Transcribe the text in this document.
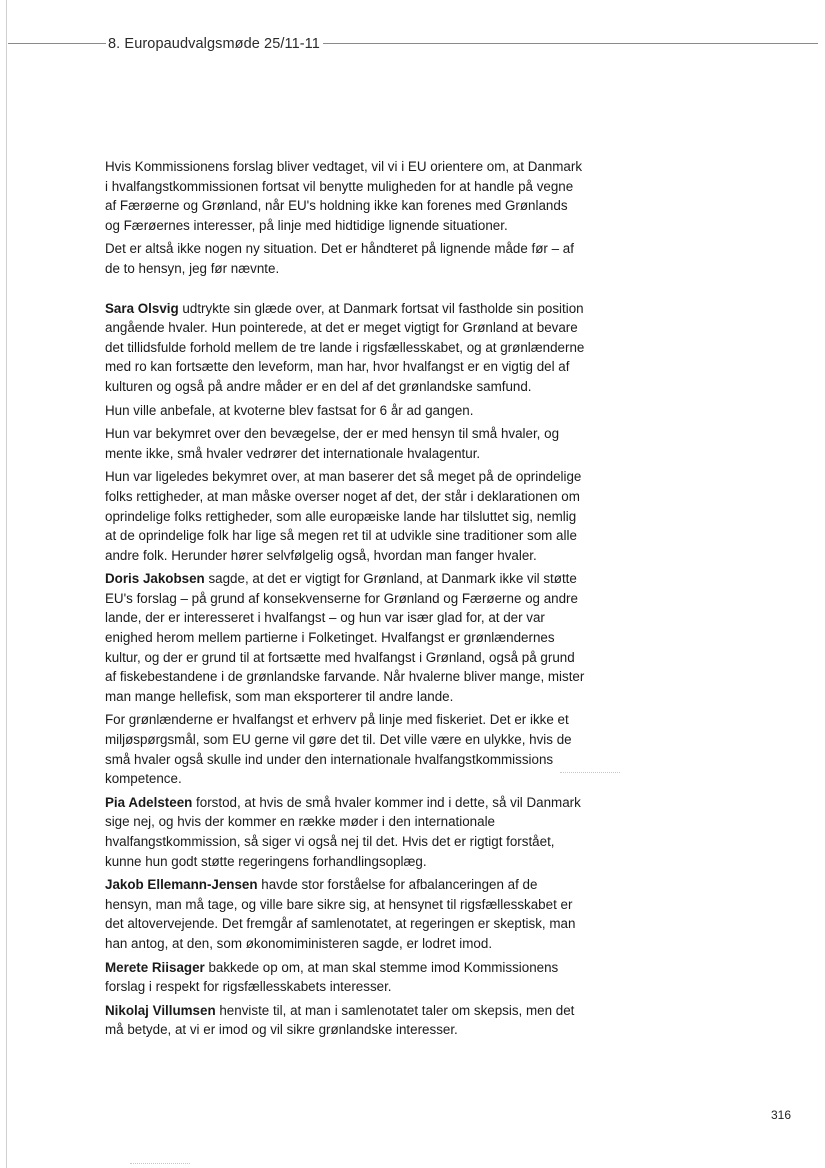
8. Europaudvalgsmøde 25/11-11

Hvis Kommissionens forslag bliver vedtaget, vil vi i EU orientere om, at Danmark i hvalfangstkommissionen fortsat vil benytte muligheden for at handle på vegne af Færøerne og Grønland, når EU's holdning ikke kan forenes med Grønlands og Færøernes interesser, på linje med hidtidige lignende situationer.

Det er altså ikke nogen ny situation. Det er håndteret på lignende måde før – af de to hensyn, jeg før nævnte.

Sara Olsvig udtrykte sin glæde over, at Danmark fortsat vil fastholde sin position angående hvaler. Hun pointerede, at det er meget vigtigt for Grønland at bevare det tillidsfulde forhold mellem de tre lande i rigsfællesskabet, og at grønlænderne med ro kan fortsætte den leveform, man har, hvor hvalfangst er en vigtig del af kulturen og også på andre måder er en del af det grønlandske samfund.

Hun ville anbefale, at kvoterne blev fastsat for 6 år ad gangen.

Hun var bekymret over den bevægelse, der er med hensyn til små hvaler, og mente ikke, små hvaler vedrører det internationale hvalagentur.

Hun var ligeledes bekymret over, at man baserer det så meget på de oprindelige folks rettigheder, at man måske overser noget af det, der står i deklarationen om oprindelige folks rettigheder, som alle europæiske lande har tilsluttet sig, nemlig at de oprindelige folk har lige så megen ret til at udvikle sine traditioner som alle andre folk. Herunder hører selvfølgelig også, hvordan man fanger hvaler.

Doris Jakobsen sagde, at det er vigtigt for Grønland, at Danmark ikke vil støtte EU's forslag – på grund af konsekvenserne for Grønland og Færøerne og andre lande, der er interesseret i hvalfangst – og hun var især glad for, at der var enighed herom mellem partierne i Folketinget. Hvalfangst er grønlændernes kultur, og der er grund til at fortsætte med hvalfangst i Grønland, også på grund af fiskebestandene i de grønlandske farvande. Når hvalerne bliver mange, mister man mange hellefisk, som man eksporterer til andre lande.

For grønlænderne er hvalfangst et erhverv på linje med fiskeriet. Det er ikke et miljøspørgsmål, som EU gerne vil gøre det til. Det ville være en ulykke, hvis de små hvaler også skulle ind under den internationale hvalfangstkommissions kompetence.

Pia Adelsteen forstod, at hvis de små hvaler kommer ind i dette, så vil Danmark sige nej, og hvis der kommer en række møder i den internationale hvalfangstkommission, så siger vi også nej til det. Hvis det er rigtigt forstået, kunne hun godt støtte regeringens forhandlingsoplæg.

Jakob Ellemann-Jensen havde stor forståelse for afbalanceringen af de hensyn, man må tage, og ville bare sikre sig, at hensynet til rigsfællesskabet er det altovervejende. Det fremgår af samlenotatet, at regeringen er skeptisk, man han antog, at den, som økonomiministeren sagde, er lodret imod.

Merete Riisager bakkede op om, at man skal stemme imod Kommissionens forslag i respekt for rigsfællesskabets interesser.

Nikolaj Villumsen henviste til, at man i samlenotatet taler om skepsis, men det må betyde, at vi er imod og vil sikre grønlandske interesser.

316
